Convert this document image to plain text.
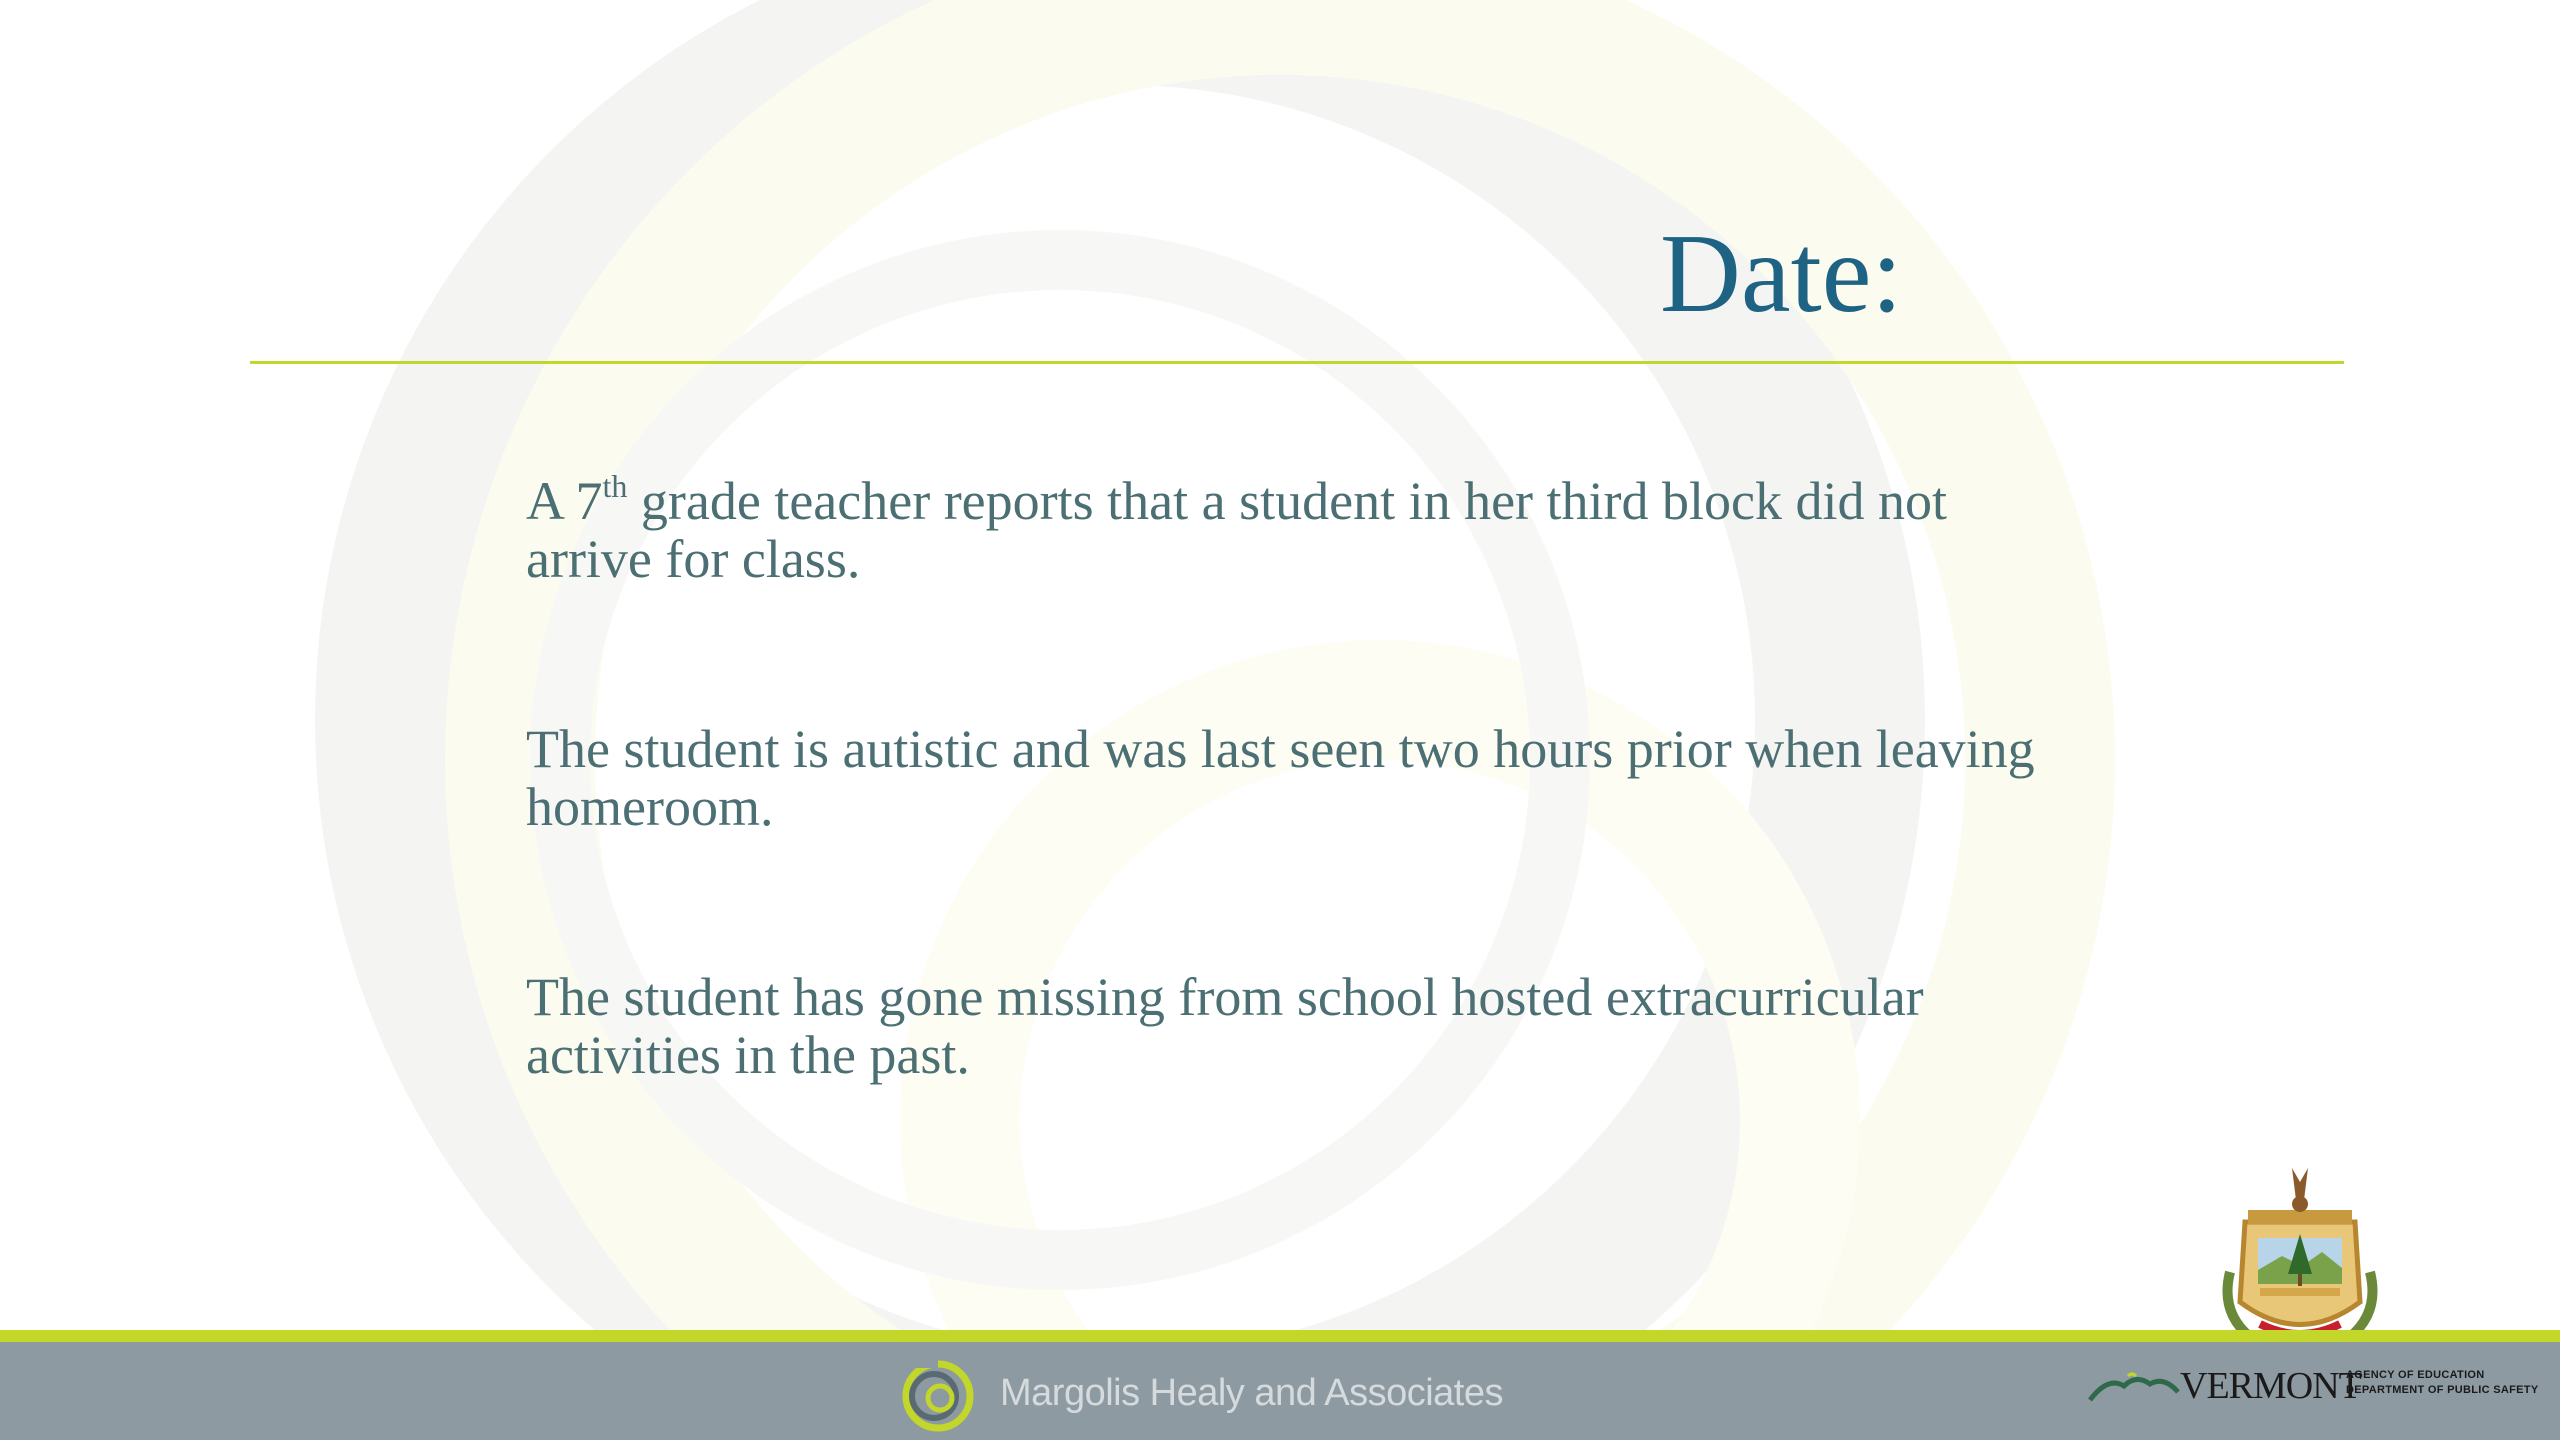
Date:

A 7th grade teacher reports that a student in her third block did not arrive for class.

The student is autistic and was last seen two hours prior when leaving homeroom.

The student has gone missing from school hosted extracurricular activities in the past.

Margolis Healy and Associates	VERMONT
AGENCY OF EDUCATION
DEPARTMENT OF PUBLIC SAFETY
